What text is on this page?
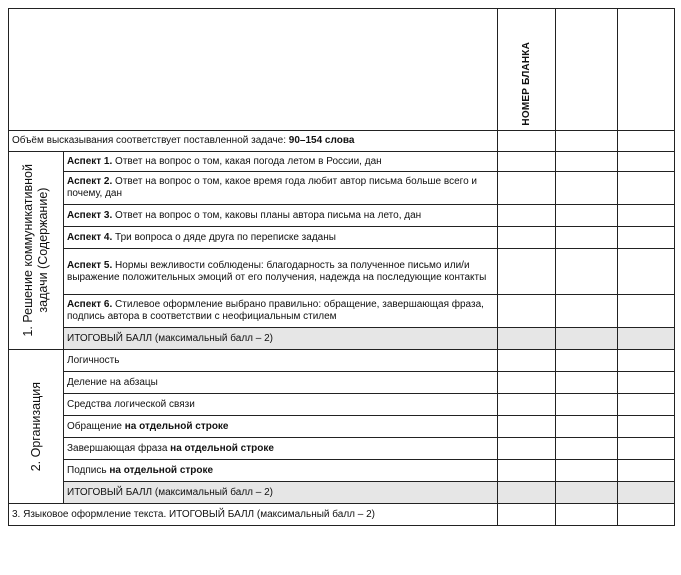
		НОМЕР БЛАНКА		

Объём высказывания соответствует поставленной задаче: 90–154 слова				

1. Решение коммуникативной
задачи (Содержание)	Аспект 1. Ответ на вопрос о том, какая погода летом в России, дан			
	Аспект 2. Ответ на вопрос о том, какое время года любит автор письма больше всего и почему, дан			
	Аспект 3. Ответ на вопрос о том, каковы планы автора письма на лето, дан			
	Аспект 4. Три вопроса о дяде друга по переписке заданы			
	Аспект 5. Нормы вежливости соблюдены: благодарность за полученное письмо или/и выражение положительных эмоций от его получения, надежда на последующие контакты			
	Аспект 6. Стилевое оформление выбрано правильно: обращение, завершающая фраза, подпись автора в соответствии с неофициальным стилем			
	ИТОГОВЫЙ БАЛЛ (максимальный балл – 2)			

2. Организация	Логичность			
	Деление на абзацы			
	Средства логической связи			
	Обращение на отдельной строке			
	Завершающая фраза на отдельной строке			
	Подпись на отдельной строке			
	ИТОГОВЫЙ БАЛЛ (максимальный балл – 2)			
3. Языковое оформление текста. ИТОГОВЫЙ БАЛЛ (максимальный балл – 2)				
